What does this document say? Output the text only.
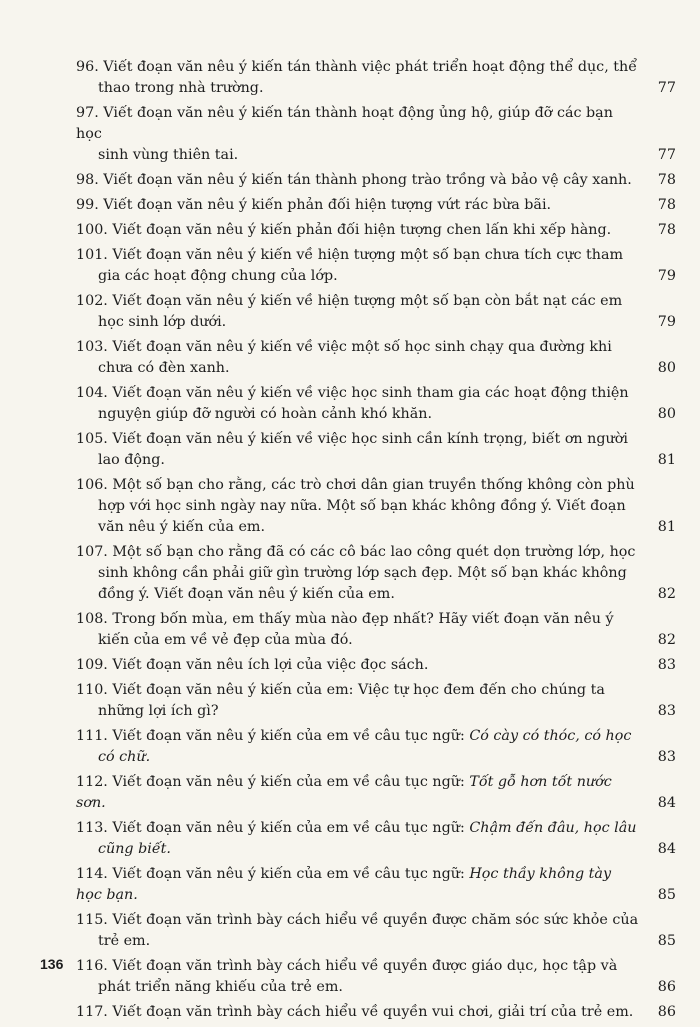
96. Viết đoạn văn nêu ý kiến tán thành việc phát triển hoạt động thể dục, thể
thao trong nhà trường.	77
97. Viết đoạn văn nêu ý kiến tán thành hoạt động ủng hộ, giúp đỡ các bạn học
sinh vùng thiên tai.	77
98. Viết đoạn văn nêu ý kiến tán thành phong trào trồng và bảo vệ cây xanh.	78
99. Viết đoạn văn nêu ý kiến phản đối hiện tượng vứt rác bừa bãi.	78
100. Viết đoạn văn nêu ý kiến phản đối hiện tượng chen lấn khi xếp hàng.	78
101. Viết đoạn văn nêu ý kiến về hiện tượng một số bạn chưa tích cực tham
gia các hoạt động chung của lớp.	79
102. Viết đoạn văn nêu ý kiến về hiện tượng một số bạn còn bắt nạt các em
học sinh lớp dưới.	79
103. Viết đoạn văn nêu ý kiến về việc một số học sinh chạy qua đường khi
chưa có đèn xanh.	80
104. Viết đoạn văn nêu ý kiến về việc học sinh tham gia các hoạt động thiện
nguyện giúp đỡ người có hoàn cảnh khó khăn.	80
105. Viết đoạn văn nêu ý kiến về việc học sinh cần kính trọng, biết ơn người
lao động.	81
106. Một số bạn cho rằng, các trò chơi dân gian truyền thống không còn phù
hợp với học sinh ngày nay nữa. Một số bạn khác không đồng ý. Viết đoạn
văn nêu ý kiến của em.	81
107. Một số bạn cho rằng đã có các cô bác lao công quét dọn trường lớp, học
sinh không cần phải giữ gìn trường lớp sạch đẹp. Một số bạn khác không
đồng ý. Viết đoạn văn nêu ý kiến của em.	82
108. Trong bốn mùa, em thấy mùa nào đẹp nhất? Hãy viết đoạn văn nêu ý
kiến của em về vẻ đẹp của mùa đó.	82
109. Viết đoạn văn nêu ích lợi của việc đọc sách.	83
110. Viết đoạn văn nêu ý kiến của em: Việc tự học đem đến cho chúng ta
những lợi ích gì?	83
111. Viết đoạn văn nêu ý kiến của em về câu tục ngữ: Có cày có thóc, có học
có chữ.	83
112. Viết đoạn văn nêu ý kiến của em về câu tục ngữ: Tốt gỗ hơn tốt nước sơn.	84
113. Viết đoạn văn nêu ý kiến của em về câu tục ngữ: Chậm đến đâu, học lâu
cũng biết.	84
114. Viết đoạn văn nêu ý kiến của em về câu tục ngữ: Học thầy không tày học bạn.	85
115. Viết đoạn văn trình bày cách hiểu về quyền được chăm sóc sức khỏe của
trẻ em.	85
116. Viết đoạn văn trình bày cách hiểu về quyền được giáo dục, học tập và
phát triển năng khiếu của trẻ em.	86
117. Viết đoạn văn trình bày cách hiểu về quyền vui chơi, giải trí của trẻ em.	86
136
